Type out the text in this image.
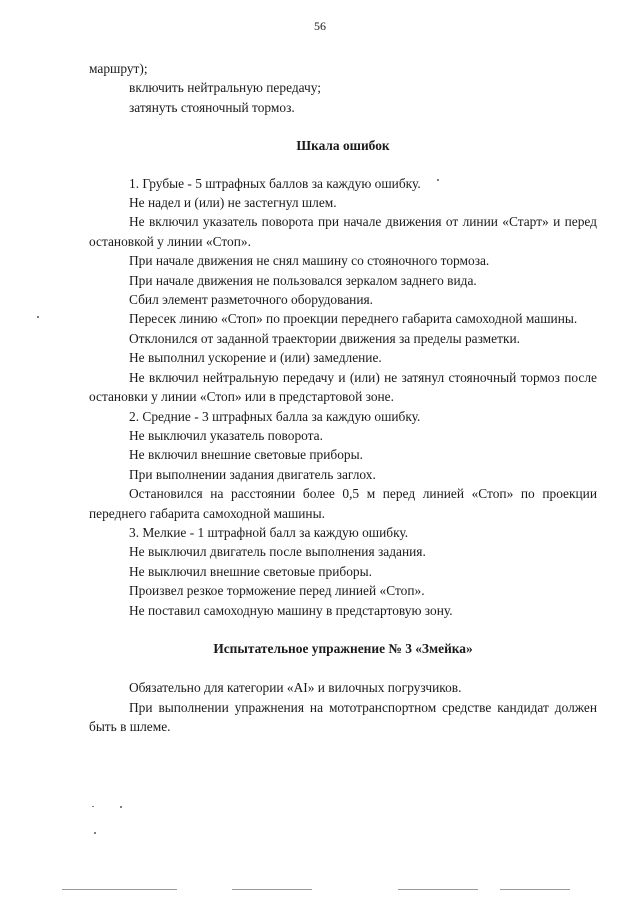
56

маршрут);

включить нейтральную передачу;

затянуть стояночный тормоз.

Шкала ошибок

1. Грубые - 5 штрафных баллов за каждую ошибку.

Не надел и (или) не застегнул шлем.

Не включил указатель поворота при начале движения от линии «Старт» и перед остановкой у линии «Стоп».

При начале движения не снял машину со стояночного тормоза.

При начале движения не пользовался зеркалом заднего вида.

Сбил элемент разметочного оборудования.

Пересек линию «Стоп» по проекции переднего габарита самоходной машины.

Отклонился от заданной траектории движения за пределы разметки.

Не выполнил ускорение и (или) замедление.

Не включил нейтральную передачу и (или) не затянул стояночный тормоз после остановки у линии «Стоп» или в предстартовой зоне.

2. Средние - 3 штрафных балла за каждую ошибку.

Не выключил указатель поворота.

Не включил внешние световые приборы.

При выполнении задания двигатель заглох.

Остановился на расстоянии более 0,5 м перед линией «Стоп» по проекции переднего габарита самоходной машины.

3. Мелкие - 1 штрафной балл за каждую ошибку.

Не выключил двигатель после выполнения задания.

Не выключил внешние световые приборы.

Произвел резкое торможение перед линией «Стоп».

Не поставил самоходную машину в предстартовую зону.

Испытательное упражнение № 3 «Змейка»

Обязательно для категории «AI» и вилочных погрузчиков.

При выполнении упражнения на мототранспортном средстве кандидат должен быть в шлеме.
